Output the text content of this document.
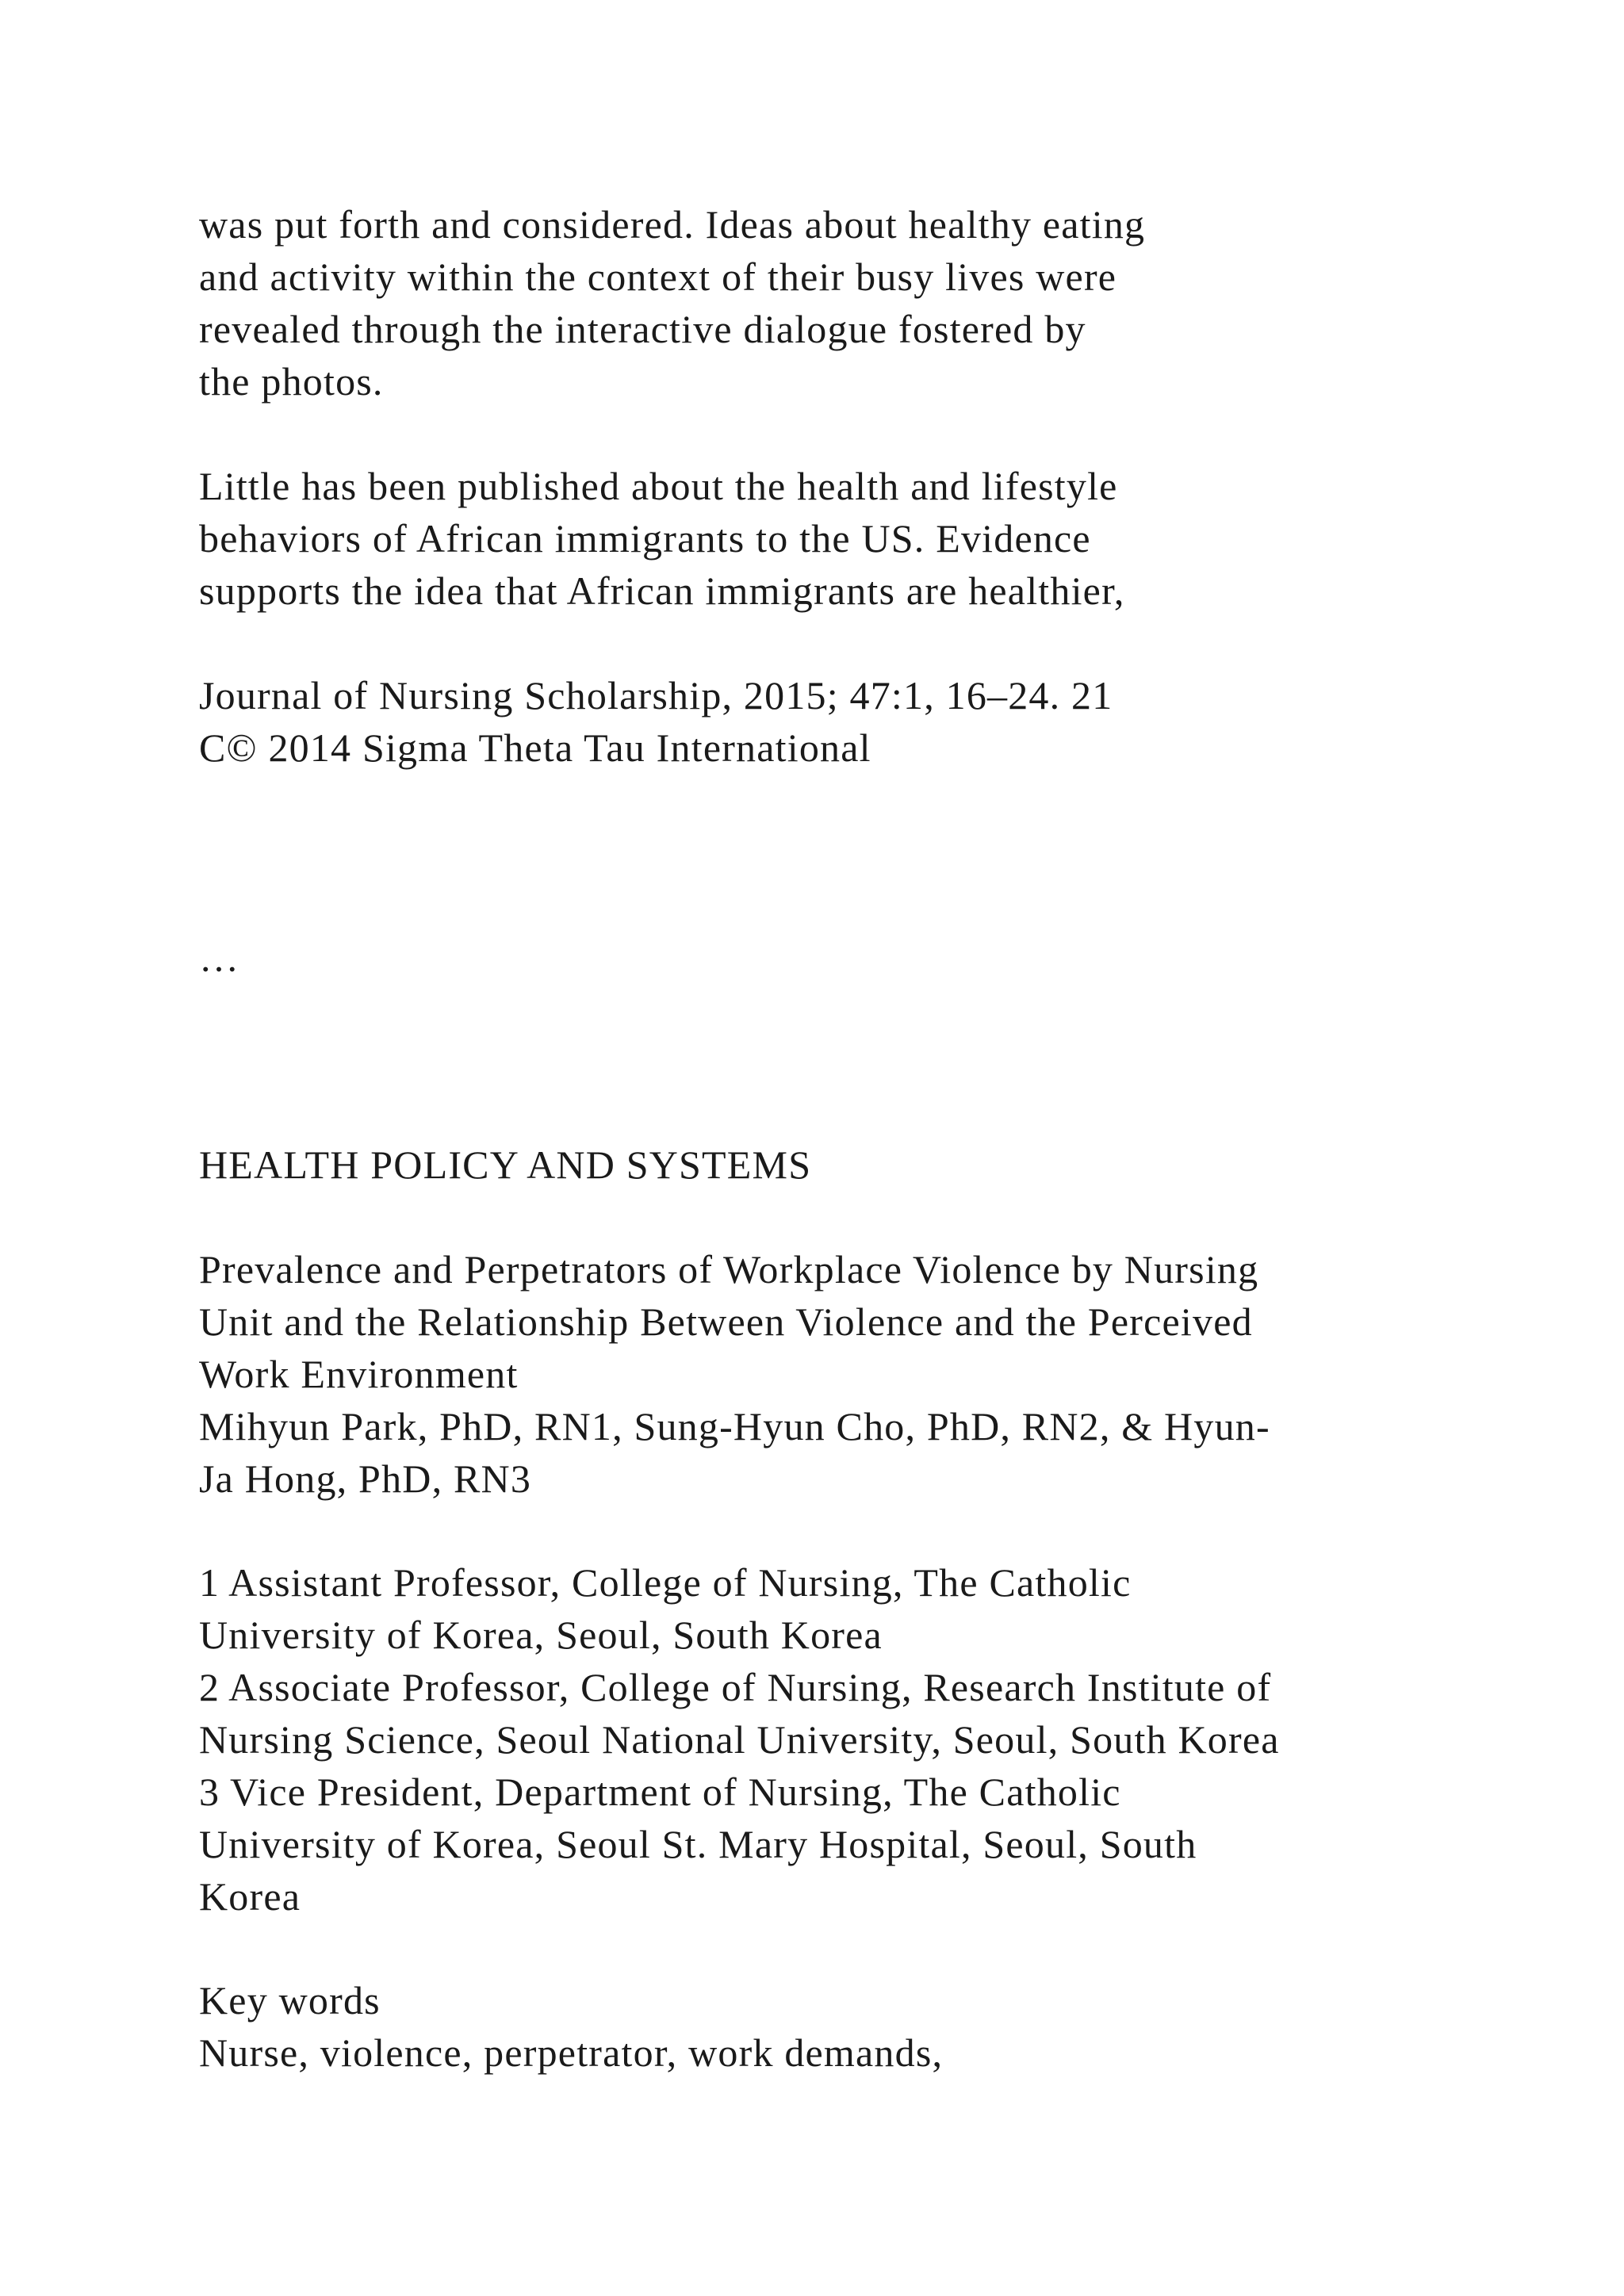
was put forth and considered. Ideas about healthy eating
and activity within the context of their busy lives were
revealed through the interactive dialogue fostered by
the photos.
Little has been published about the health and lifestyle
behaviors of African immigrants to the US. Evidence
supports the idea that African immigrants are healthier,
Journal of Nursing Scholarship, 2015; 47:1, 16–24. 21
C© 2014 Sigma Theta Tau International
…
HEALTH POLICY AND SYSTEMS
Prevalence and Perpetrators of Workplace Violence by Nursing
Unit and the Relationship Between Violence and the Perceived
Work Environment
Mihyun Park, PhD, RN1, Sung-Hyun Cho, PhD, RN2, & Hyun-
Ja Hong, PhD, RN3
1 Assistant Professor, College of Nursing, The Catholic
University of Korea, Seoul, South Korea
2 Associate Professor, College of Nursing, Research Institute of
Nursing Science, Seoul National University, Seoul, South Korea
3 Vice President, Department of Nursing, The Catholic
University of Korea, Seoul St. Mary Hospital, Seoul, South
Korea
Key words
Nurse, violence, perpetrator, work demands,
